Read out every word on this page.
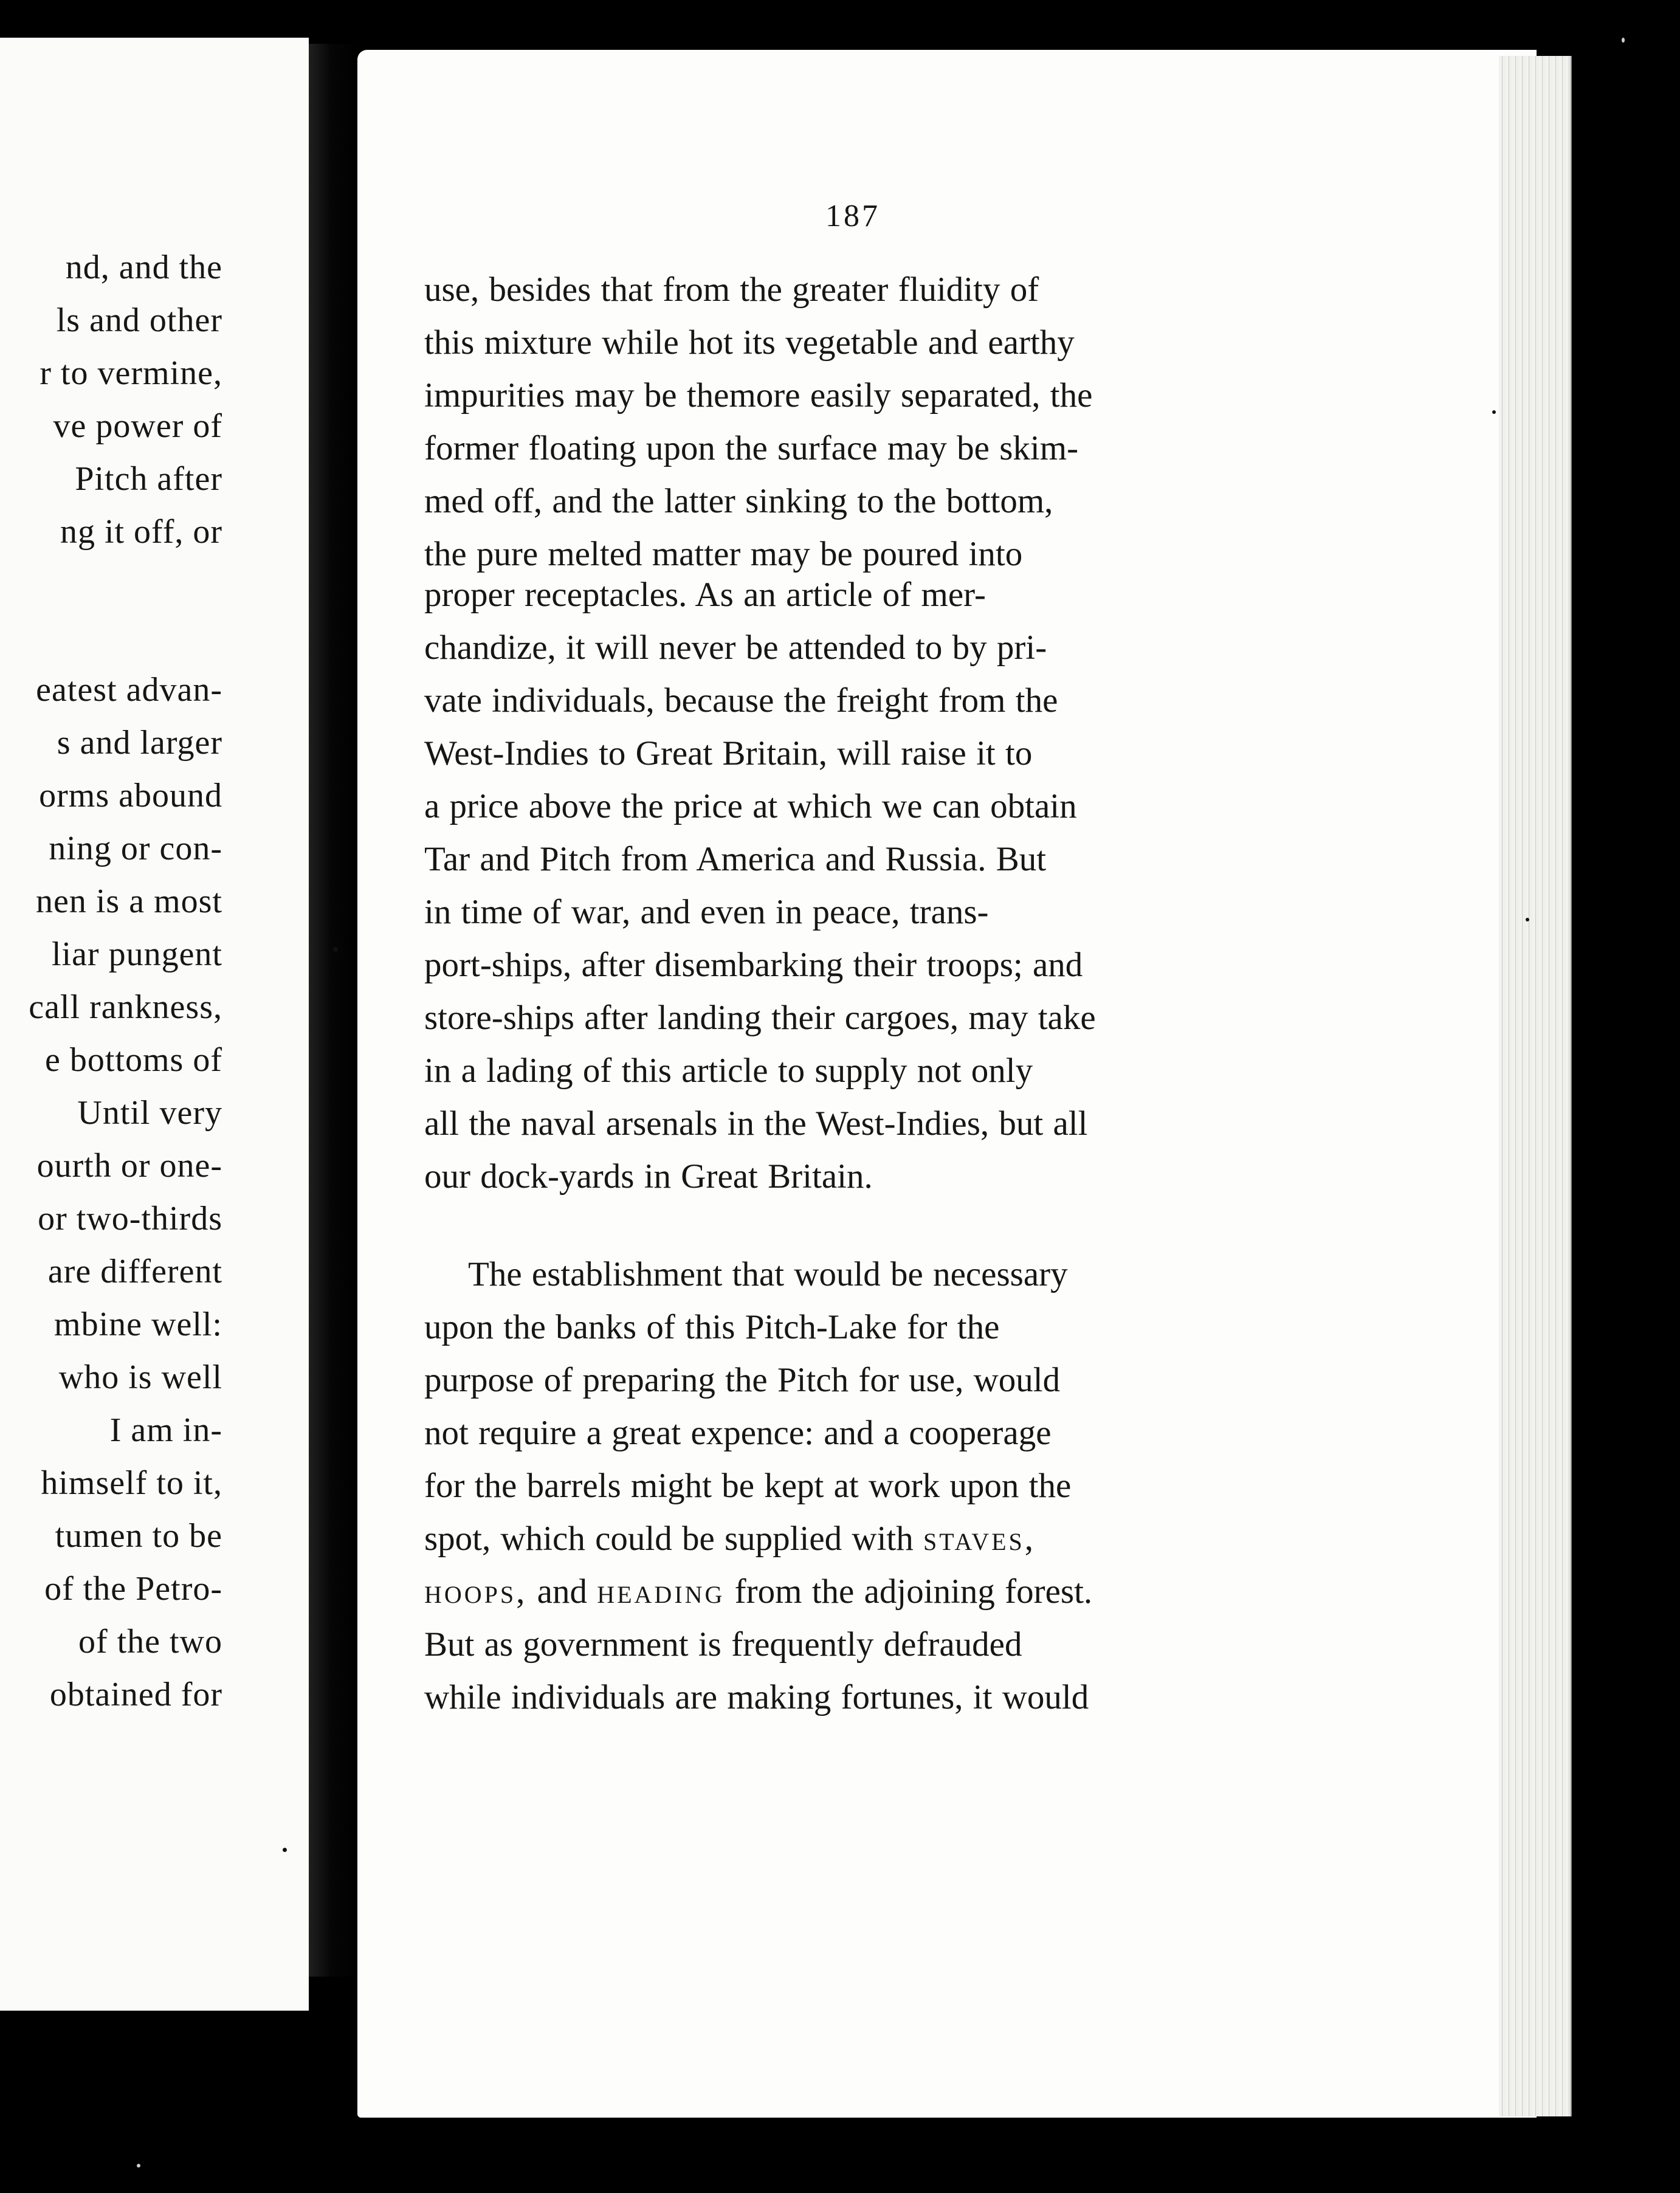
nd, and the
ls and other
r to vermine,
ve power of
Pitch after
ng it off, or
eatest advan-
s and larger
orms abound
ning or con-
nen is a most
liar pungent
call rankness,
e bottoms of
Until very
ourth or one-
or two-thirds
are different
mbine well:
who is well
I am in-
himself to it,
tumen to be
of the Petro-
of the two
obtained for
187
use, besides that from the greater fluidity of
this mixture while hot its vegetable and earthy
impurities may be themore easily separated, the
former floating upon the surface may be skim-
med off, and the latter sinking to the bottom,
the pure melted matter may be poured into
proper receptacles. As an article of mer-
chandize, it will never be attended to by pri-
vate individuals, because the freight from the
West-Indies to Great Britain, will raise it to
a price above the price at which we can obtain
Tar and Pitch from America and Russia. But
in time of war, and even in peace, trans-
port-ships, after disembarking their troops; and
store-ships after landing their cargoes, may take
in a lading of this article to supply not only
all the naval arsenals in the West-Indies, but all
our dock-yards in Great Britain.
The establishment that would be necessary
upon the banks of this Pitch-Lake for the
purpose of preparing the Pitch for use, would
not require a great expence: and a cooperage
for the barrels might be kept at work upon the
spot, which could be supplied with staves,
hoops, and heading from the adjoining forest.
But as government is frequently defrauded
while individuals are making fortunes, it would
